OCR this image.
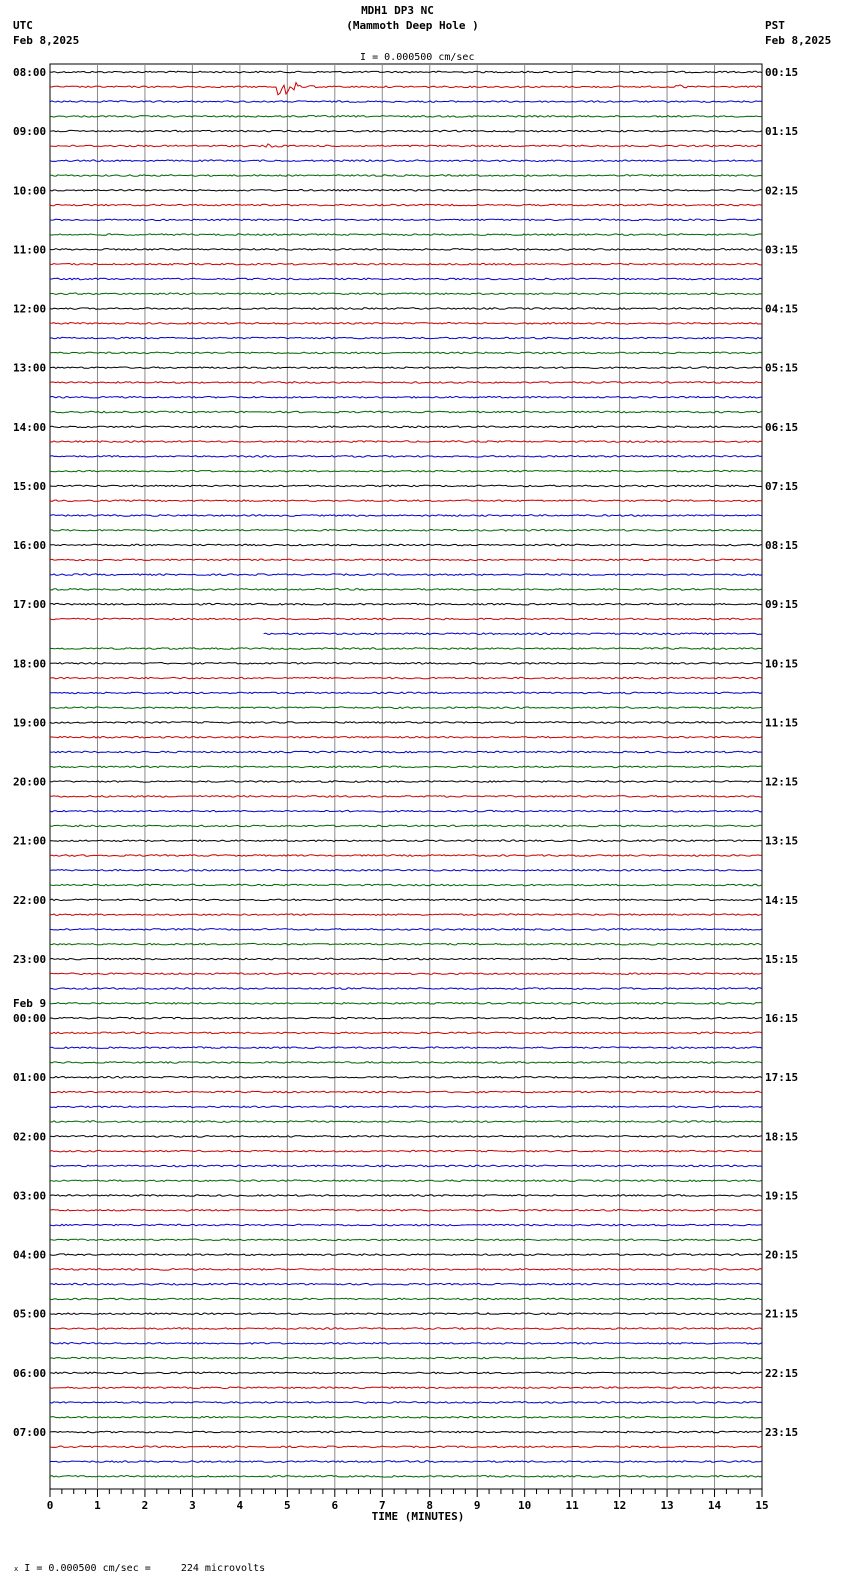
MDH1 DP3 NC
(Mammoth Deep Hole )

I = 0.000500 cm/sec

UTC
Feb 8,2025
PST
Feb 8,2025
08:00
09:00
10:00
11:00
12:00
13:00
14:00
15:00
16:00
17:00
18:00
19:00
20:00
21:00
22:00
23:00
00:00
01:00
02:00
03:00
04:00
05:00
06:00
07:00
00:15
01:15
02:15
03:15
04:15
05:15
06:15
07:15
08:15
09:15
10:15
11:15
12:15
13:15
14:15
15:15
16:15
17:15
18:15
19:15
20:15
21:15
22:15
23:15
Feb 9
0	1	2	3	4	5	6	7	8	9	10	11	12	13	14	15
TIME (MINUTES)

x I = 0.000500 cm/sec =     224 microvolts
